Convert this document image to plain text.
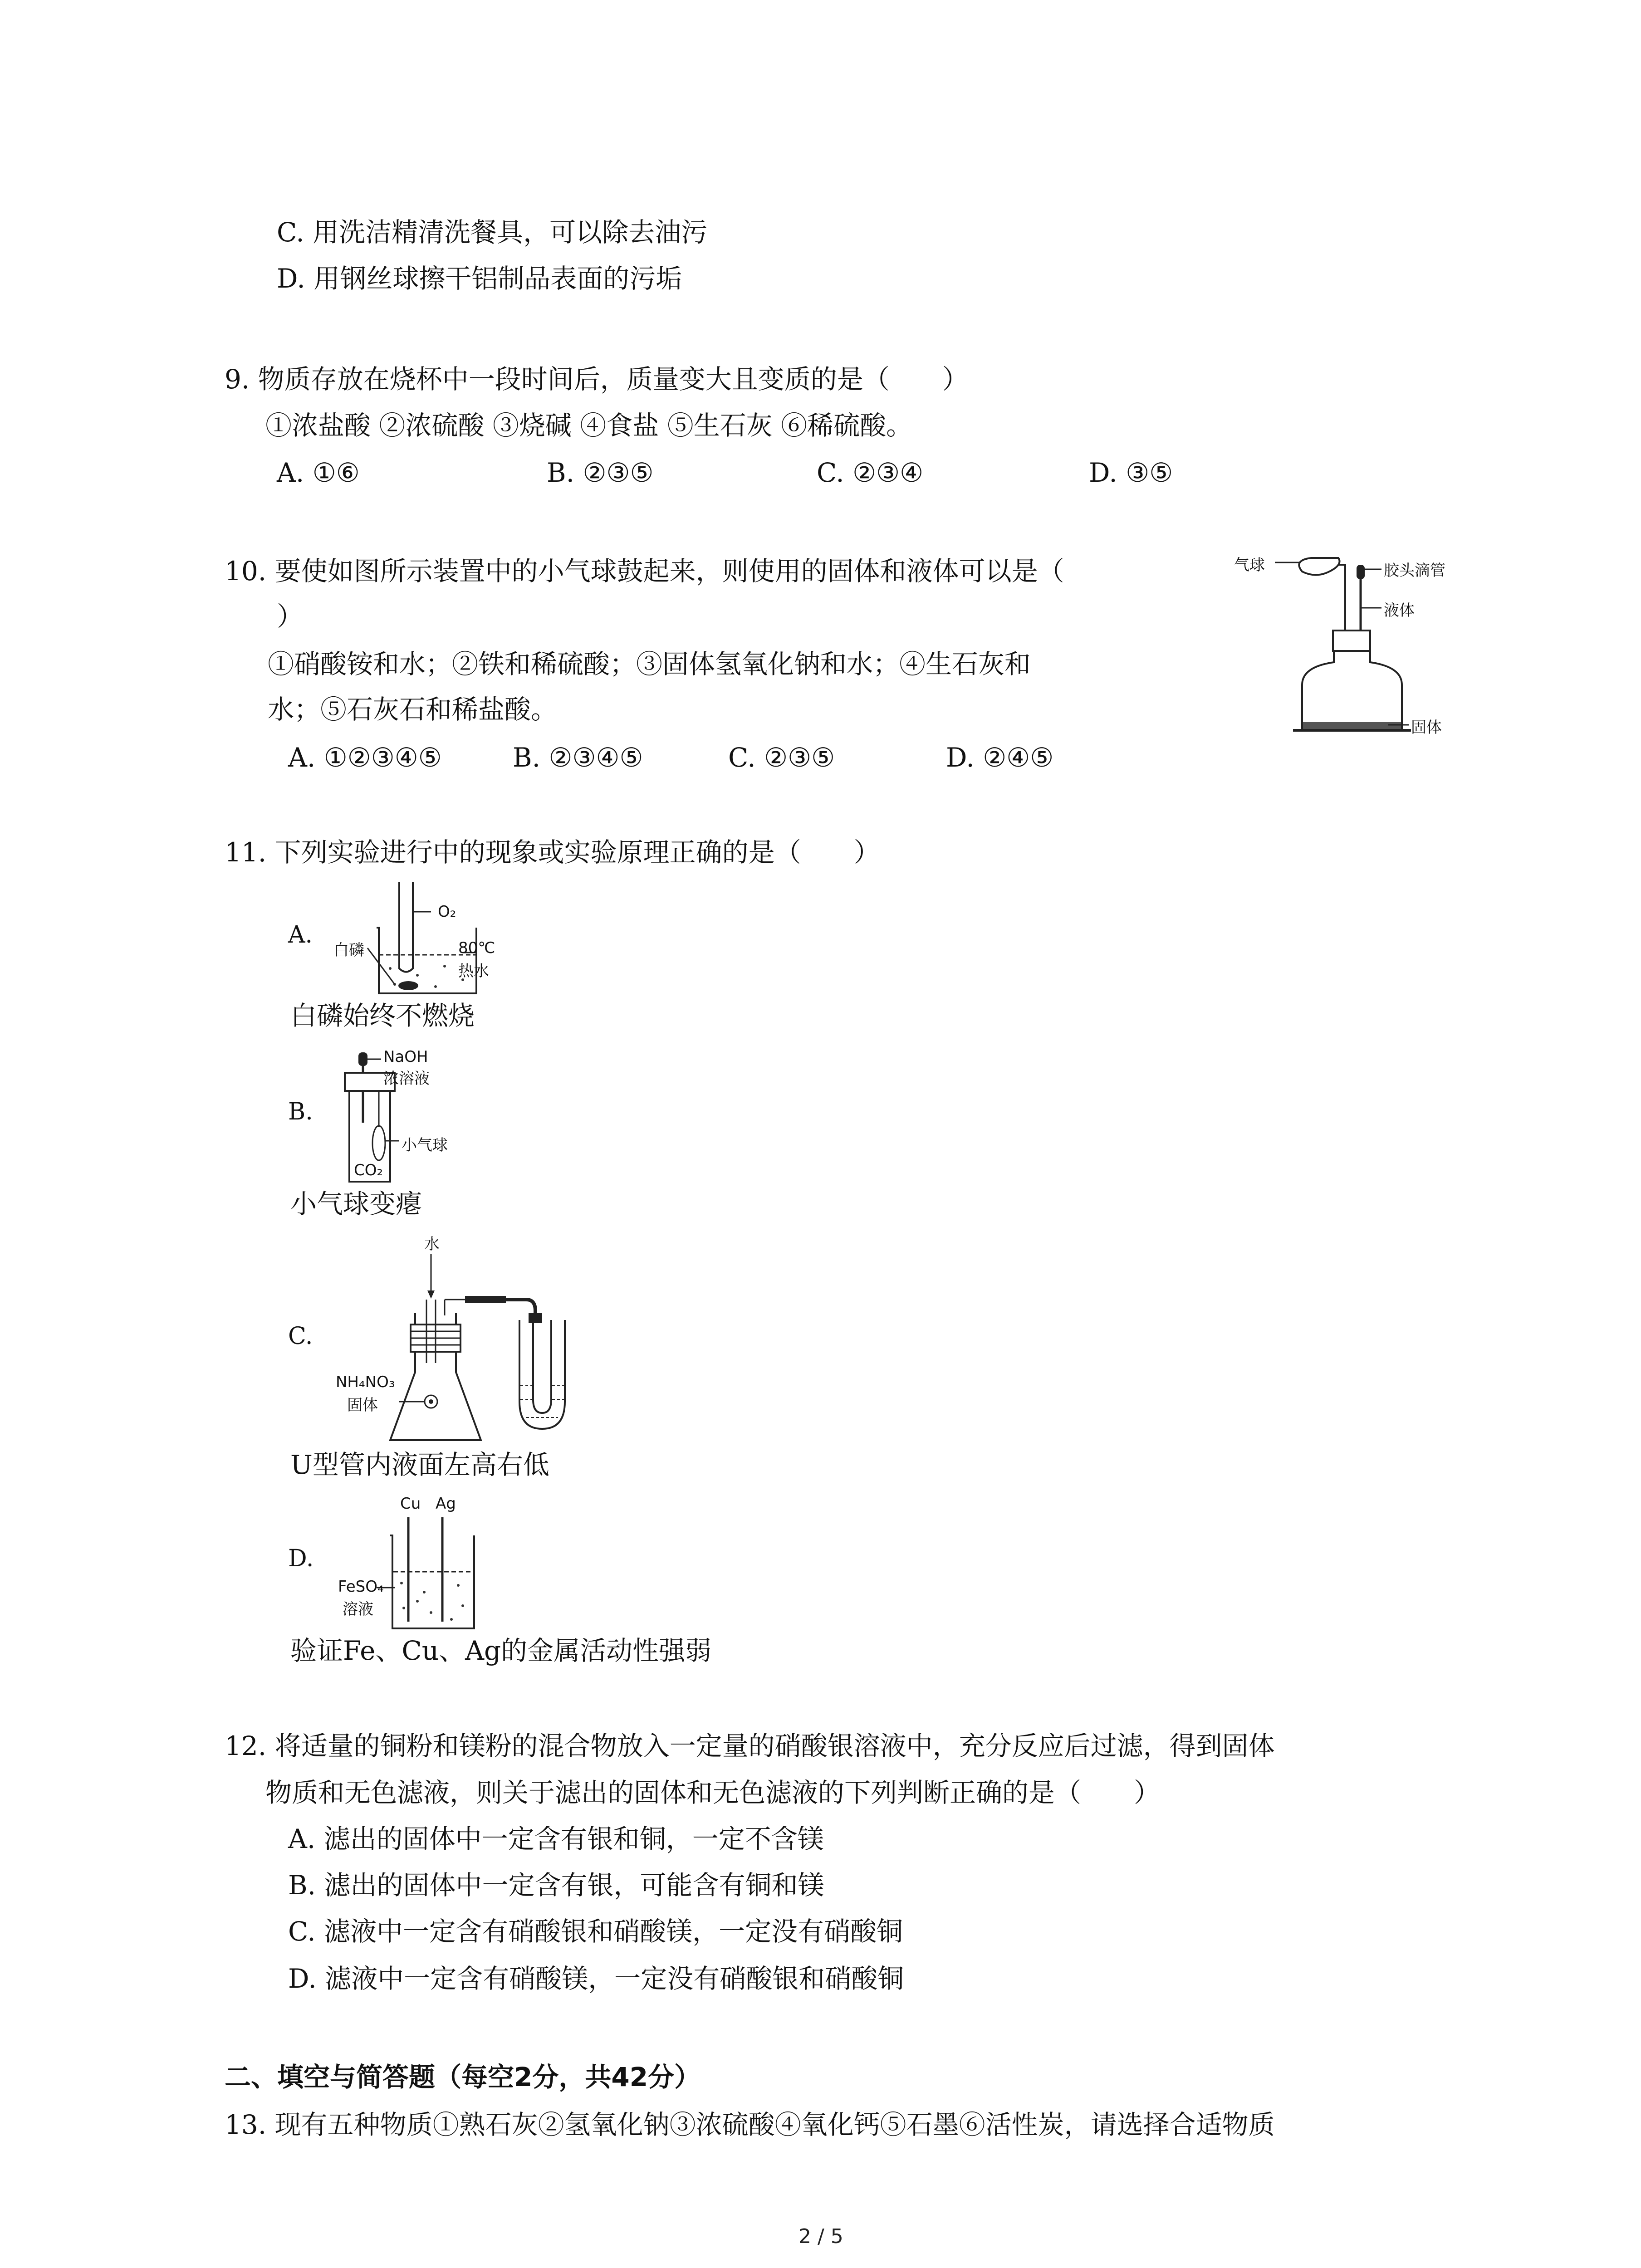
C. 用洗洁精清洗餐具，可以除去油污
D. 用钢丝球擦干铝制品表面的污垢
9. 物质存放在烧杯中一段时间后，质量变大且变质的是（　　）
①浓盐酸 ②浓硫酸 ③烧碱 ④食盐 ⑤生石灰 ⑥稀硫酸。
A. ①⑥	B. ②③⑤	C. ②③④	D. ③⑤
10. 要使如图所示装置中的小气球鼓起来，则使用的固体和液体可以是（
）
①硝酸铵和水；②铁和稀硫酸；③固体氢氧化钠和水；④生石灰和
水；⑤石灰石和稀盐酸。
A. ①②③④⑤	B. ②③④⑤	C. ②③⑤	D. ②④⑤
气球	胶头滴管
液体
固体
11. 下列实验进行中的现象或实验原理正确的是（　　）
A.
O₂
白磷	80℃
热水
白磷始终不燃烧
B.
NaOH
浓溶液
小气球
CO₂
小气球变瘪
C.
水
NH₄NO₃
固体
U型管内液面左高右低
D.
Cu Ag
FeSO₄
溶液
验证Fe、Cu、Ag的金属活动性强弱
12. 将适量的铜粉和镁粉的混合物放入一定量的硝酸银溶液中，充分反应后过滤，得到固体
物质和无色滤液，则关于滤出的固体和无色滤液的下列判断正确的是（　　）
A. 滤出的固体中一定含有银和铜，一定不含镁
B. 滤出的固体中一定含有银，可能含有铜和镁
C. 滤液中一定含有硝酸银和硝酸镁，一定没有硝酸铜
D. 滤液中一定含有硝酸镁，一定没有硝酸银和硝酸铜
二、填空与简答题（每空2分，共42分）
13. 现有五种物质①熟石灰②氢氧化钠③浓硫酸④氧化钙⑤石墨⑥活性炭，请选择合适物质
2 / 5
